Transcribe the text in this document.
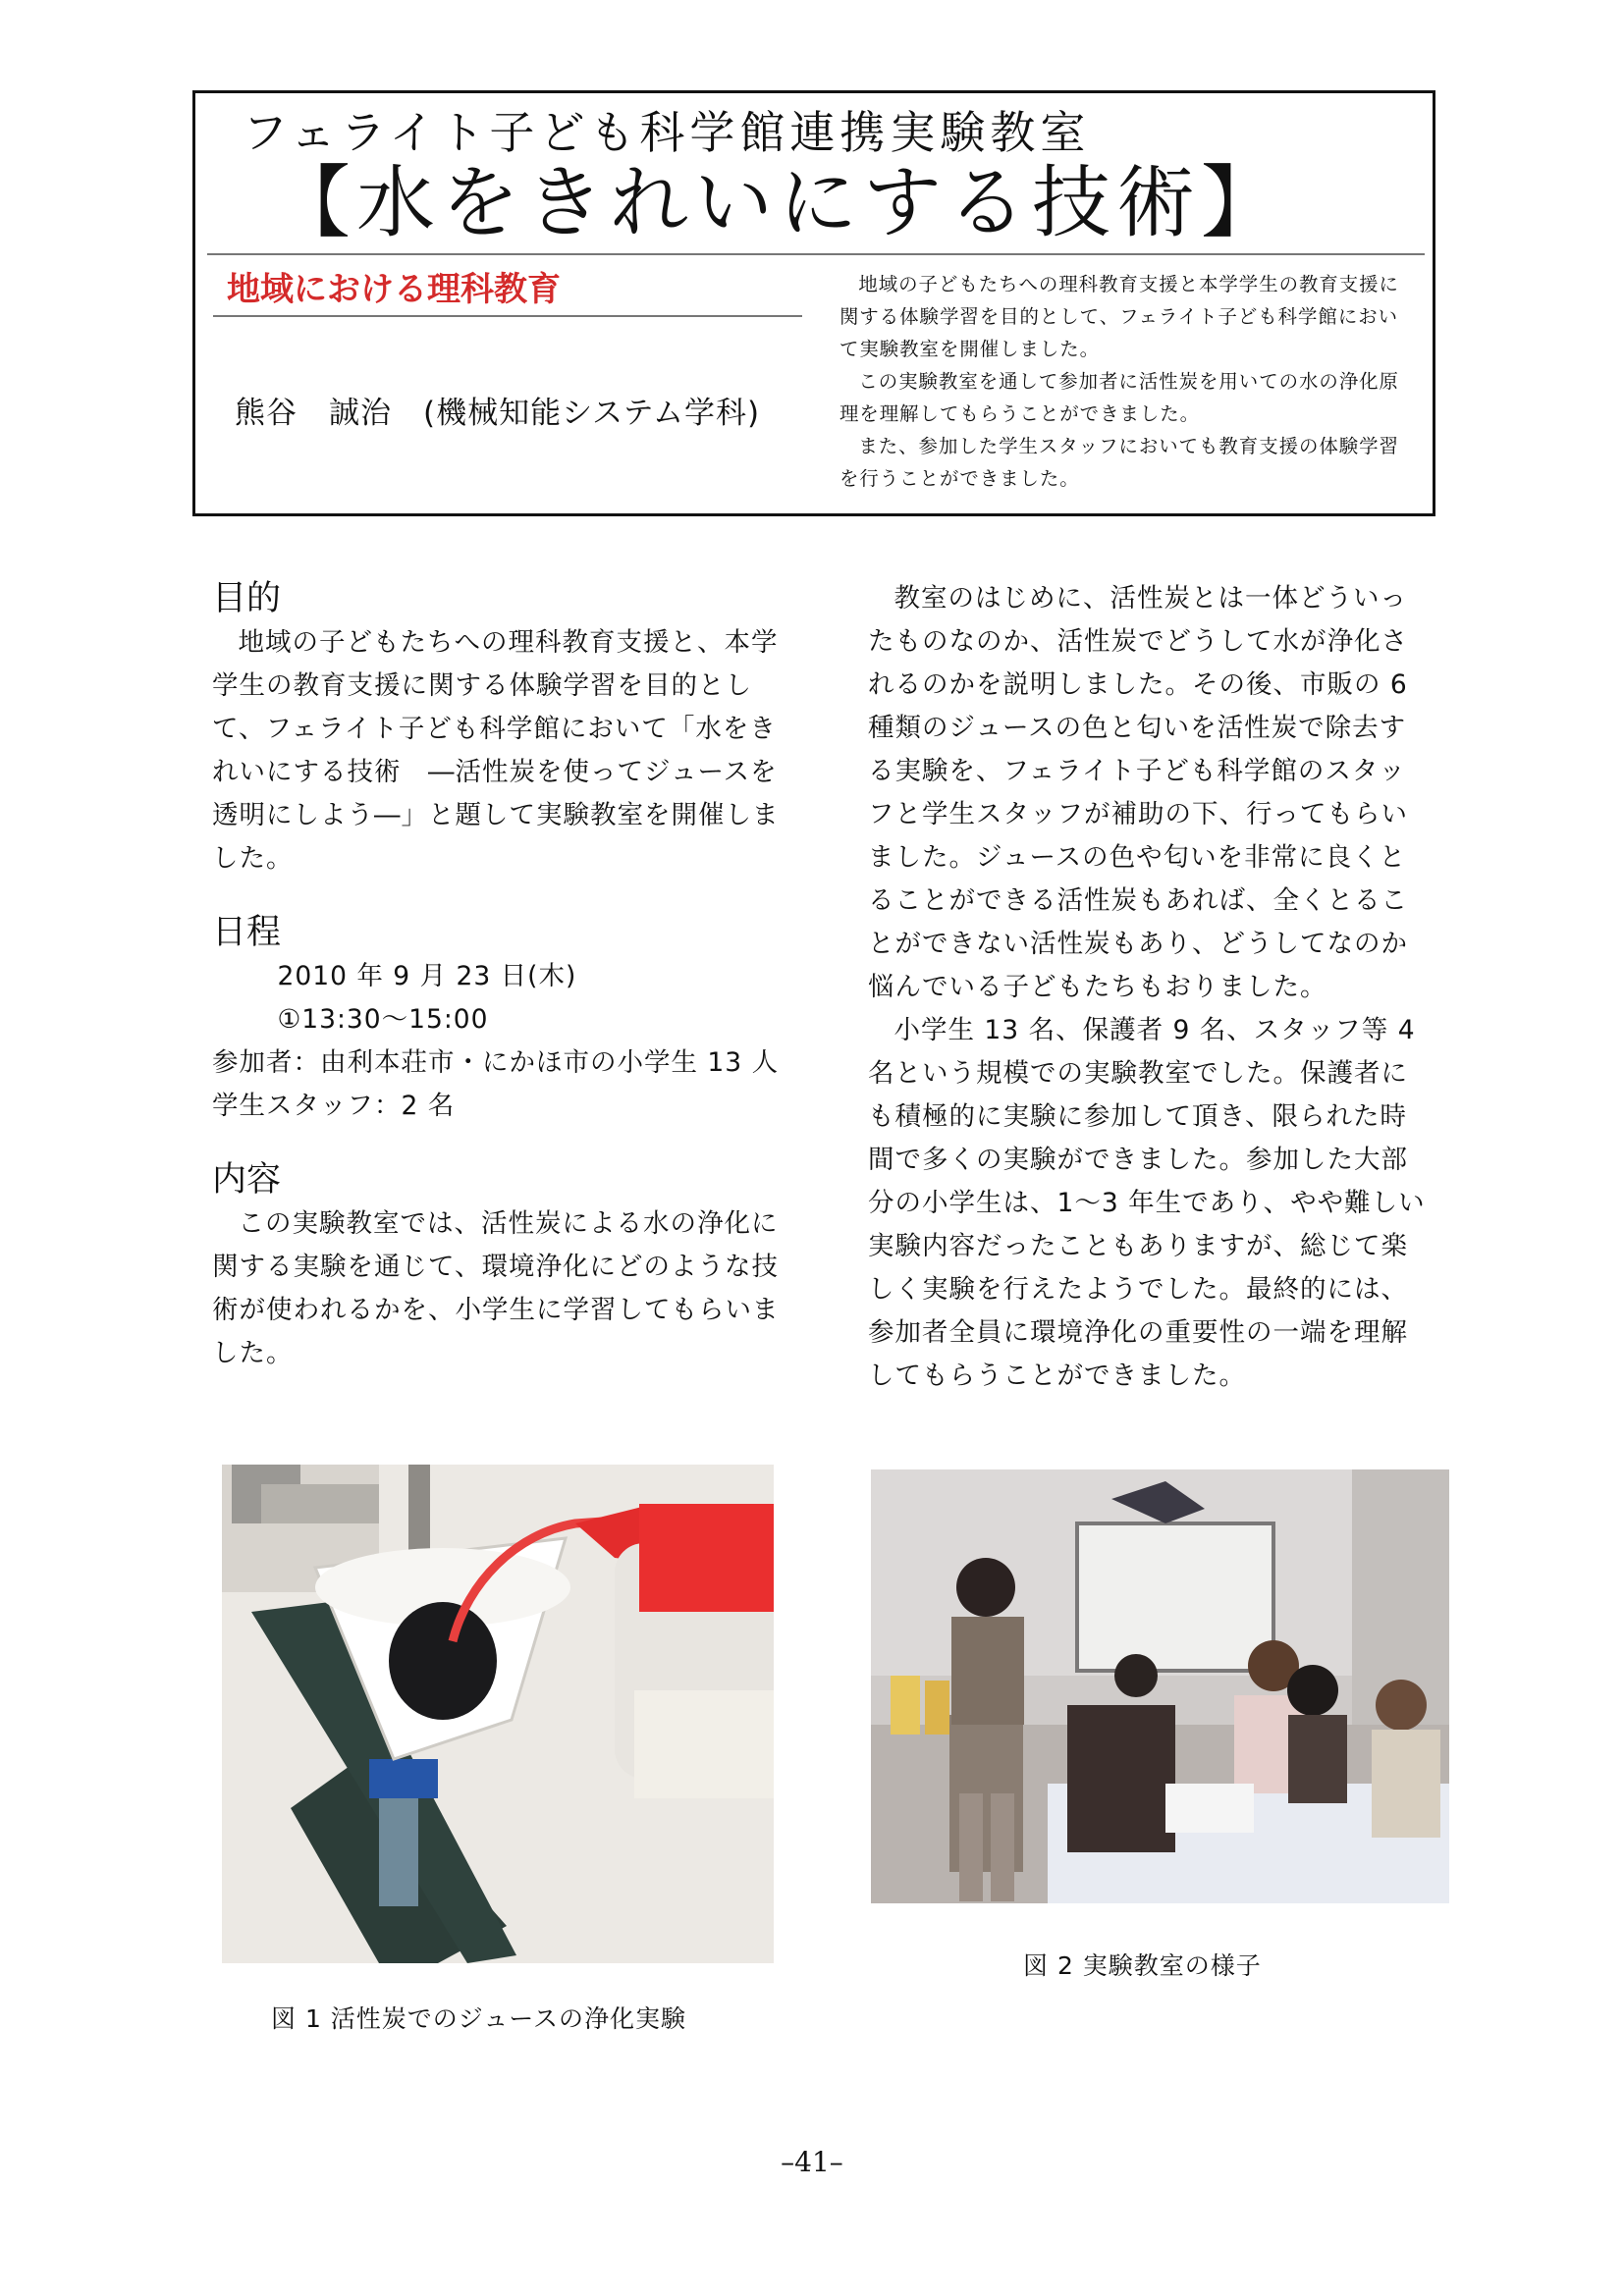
フェライト子ども科学館連携実験教室
【水をきれいにする技術】
地域における理科教育
熊谷　誠治　(機械知能システム学科)

地域の子どもたちへの理科教育支援と本学学生の教育支援に関する体験学習を目的として、フェライト子ども科学館において実験教室を開催しました。

この実験教室を通して参加者に活性炭を用いての水の浄化原理を理解してもらうことができました。

また、参加した学生スタッフにおいても教育支援の体験学習を行うことができました。

目的

地域の子どもたちへの理科教育支援と、本学学生の教育支援に関する体験学習を目的として、フェライト子ども科学館において「水をきれいにする技術　―活性炭を使ってジュースを透明にしよう―」と題して実験教室を開催しました。

日程

2010 年 9 月 23 日(木)

①13:30～15:00

参加者：由利本荘市・にかほ市の小学生 13 人

学生スタッフ：2 名

内容

この実験教室では、活性炭による水の浄化に関する実験を通じて、環境浄化にどのような技術が使われるかを、小学生に学習してもらいました。

教室のはじめに、活性炭とは一体どういったものなのか、活性炭でどうして水が浄化されるのかを説明しました。その後、市販の 6 種類のジュースの色と匂いを活性炭で除去する実験を、フェライト子ども科学館のスタッフと学生スタッフが補助の下、行ってもらいました。ジュースの色や匂いを非常に良くとることができる活性炭もあれば、全くとることができない活性炭もあり、どうしてなのか悩んでいる子どもたちもおりました。

小学生 13 名、保護者 9 名、スタッフ等 4 名という規模での実験教室でした。保護者にも積極的に実験に参加して頂き、限られた時間で多くの実験ができました。参加した大部分の小学生は、1～3 年生であり、やや難しい実験内容だったこともありますが、総じて楽しく実験を行えたようでした。最終的には、参加者全員に環境浄化の重要性の一端を理解してもらうことができました。

図 1 活性炭でのジュースの浄化実験
図 2 実験教室の様子
–41–
